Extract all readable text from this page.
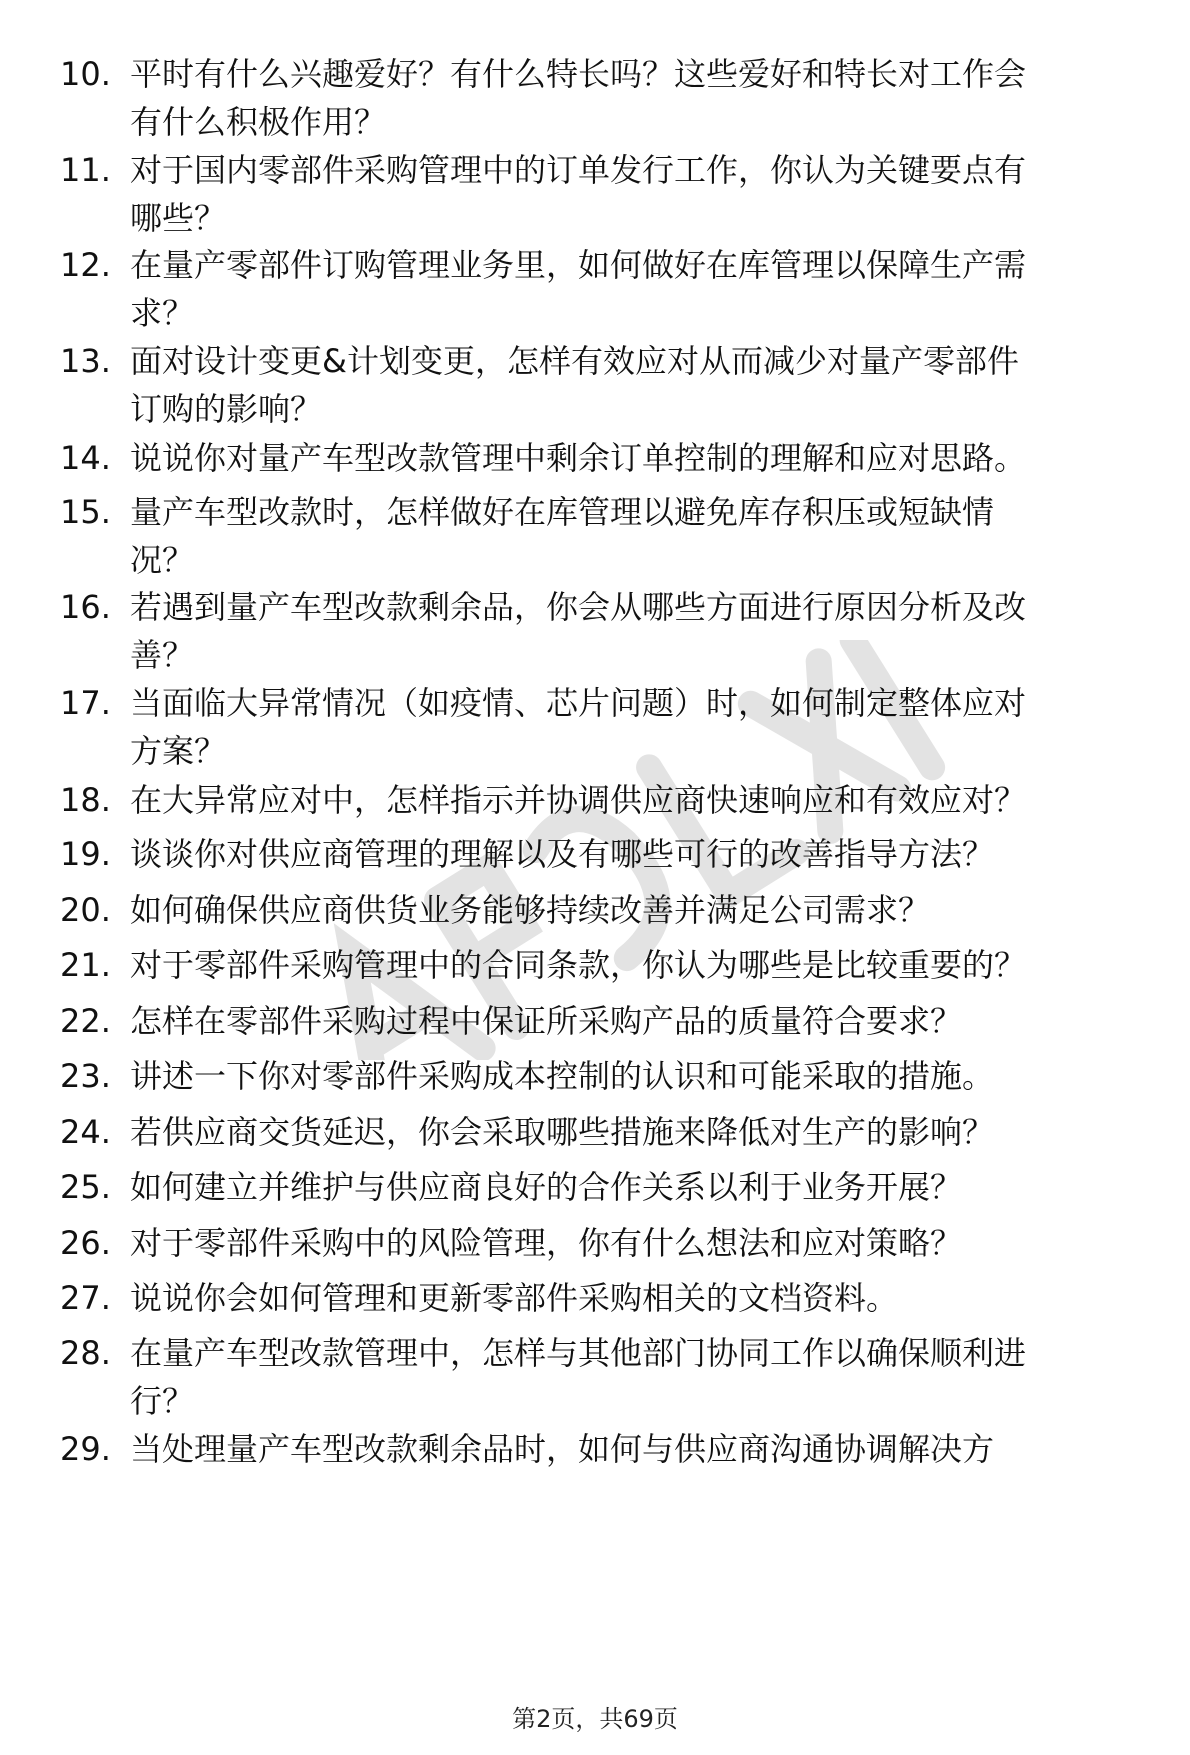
10. 平时有什么兴趣爱好？有什么特长吗？这些爱好和特长对工作会
有什么积极作用？
11. 对于国内零部件采购管理中的订单发行工作，你认为关键要点有
哪些？
12. 在量产零部件订购管理业务里，如何做好在库管理以保障生产需
求？
13. 面对设计变更&计划变更，怎样有效应对从而减少对量产零部件
订购的影响？
14. 说说你对量产车型改款管理中剩余订单控制的理解和应对思路。
15. 量产车型改款时，怎样做好在库管理以避免库存积压或短缺情
况？
16. 若遇到量产车型改款剩余品，你会从哪些方面进行原因分析及改
善？
17. 当面临大异常情况（如疫情、芯片问题）时，如何制定整体应对
方案？
18. 在大异常应对中，怎样指示并协调供应商快速响应和有效应对？
19. 谈谈你对供应商管理的理解以及有哪些可行的改善指导方法？
20. 如何确保供应商供货业务能够持续改善并满足公司需求？
21. 对于零部件采购管理中的合同条款，你认为哪些是比较重要的？
22. 怎样在零部件采购过程中保证所采购产品的质量符合要求？
23. 讲述一下你对零部件采购成本控制的认识和可能采取的措施。
24. 若供应商交货延迟，你会采取哪些措施来降低对生产的影响？
25. 如何建立并维护与供应商良好的合作关系以利于业务开展？
26. 对于零部件采购中的风险管理，你有什么想法和应对策略？
27. 说说你会如何管理和更新零部件采购相关的文档资料。
28. 在量产车型改款管理中，怎样与其他部门协同工作以确保顺利进
行？
29. 当处理量产车型改款剩余品时，如何与供应商沟通协调解决方
第2页，共69页
